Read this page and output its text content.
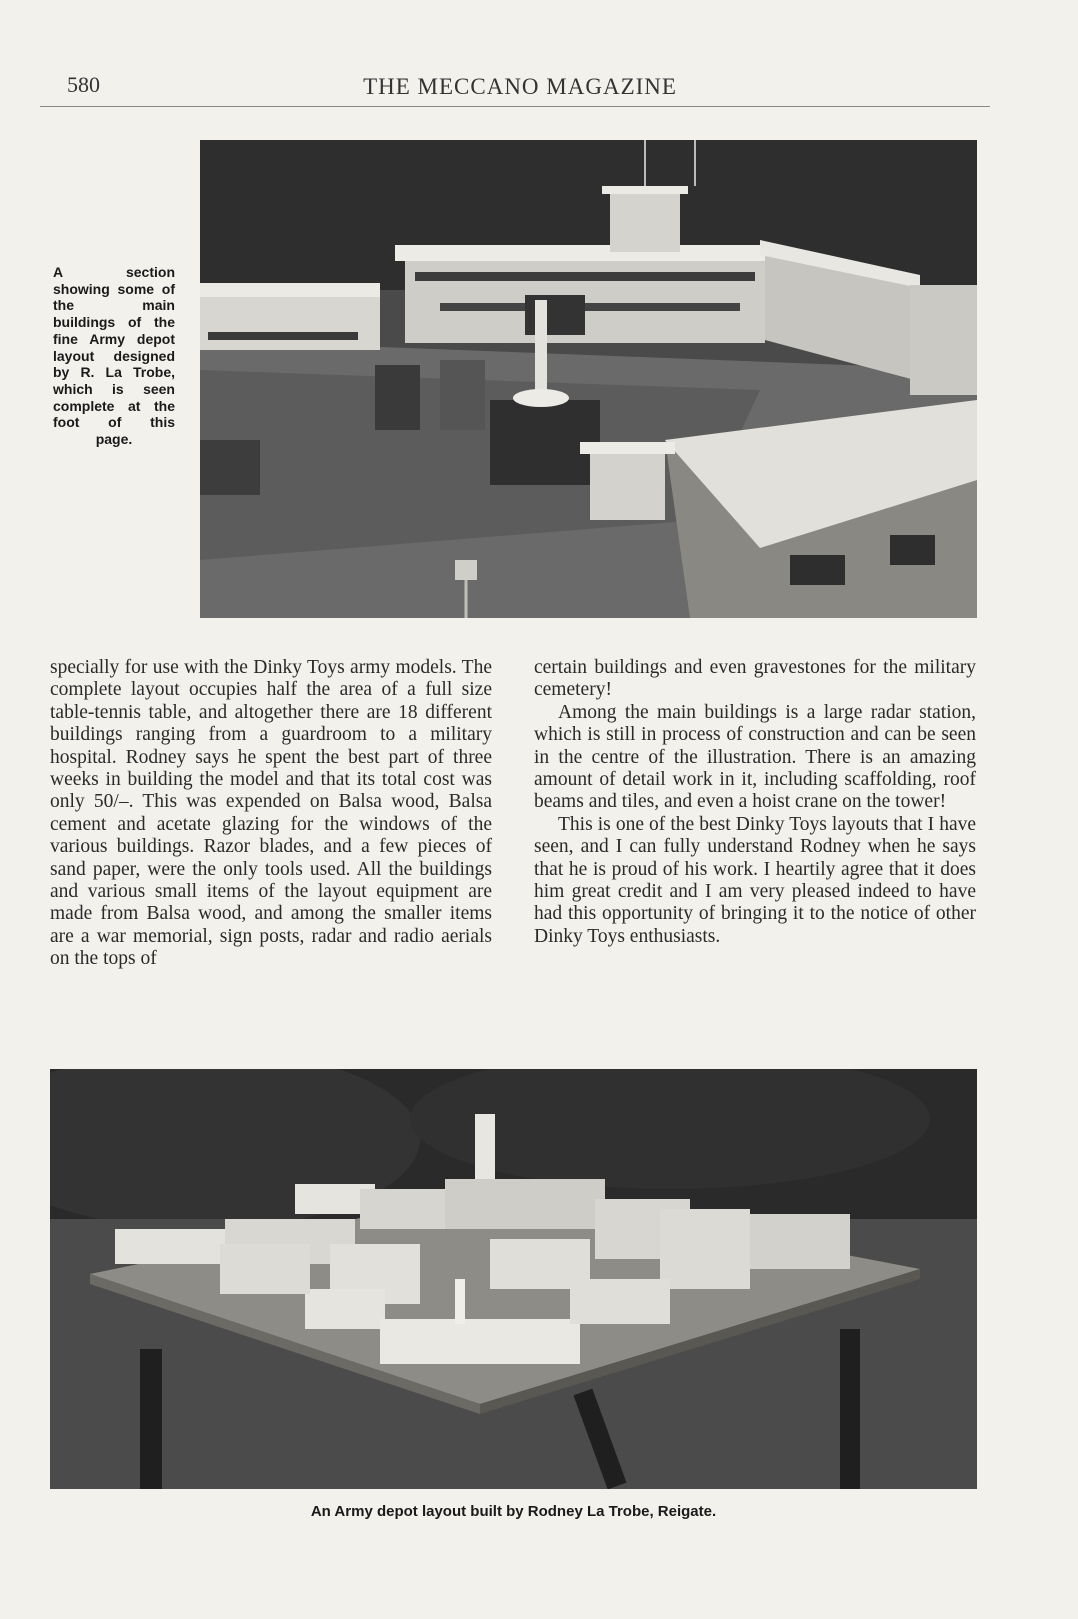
580	THE MECCANO MAGAZINE
A section showing some of the main buildings of the fine Army depot layout designed by R. La Trobe, which is seen complete at the foot of this
page.

specially for use with the Dinky Toys army models. The complete layout occupies half the area of a full size table-tennis table, and altogether there are 18 different buildings ranging from a guardroom to a military hospital. Rodney says he spent the best part of three weeks in building the model and that its total cost was only 50/–. This was expended on Balsa wood, Balsa cement and acetate glazing for the windows of the various buildings. Razor blades, and a few pieces of sand paper, were the only tools used. All the buildings and various small items of the layout equipment are made from Balsa wood, and among the smaller items are a war memorial, sign posts, radar and radio aerials on the tops of

certain buildings and even gravestones for the military cemetery!

Among the main buildings is a large radar station, which is still in process of construction and can be seen in the centre of the illustration. There is an amazing amount of detail work in it, including scaffolding, roof beams and tiles, and even a hoist crane on the tower!

This is one of the best Dinky Toys layouts that I have seen, and I can fully understand Rodney when he says that he is proud of his work. I heartily agree that it does him great credit and I am very pleased indeed to have had this opportunity of bringing it to the notice of other Dinky Toys enthusiasts.

An Army depot layout built by Rodney La Trobe, Reigate.
